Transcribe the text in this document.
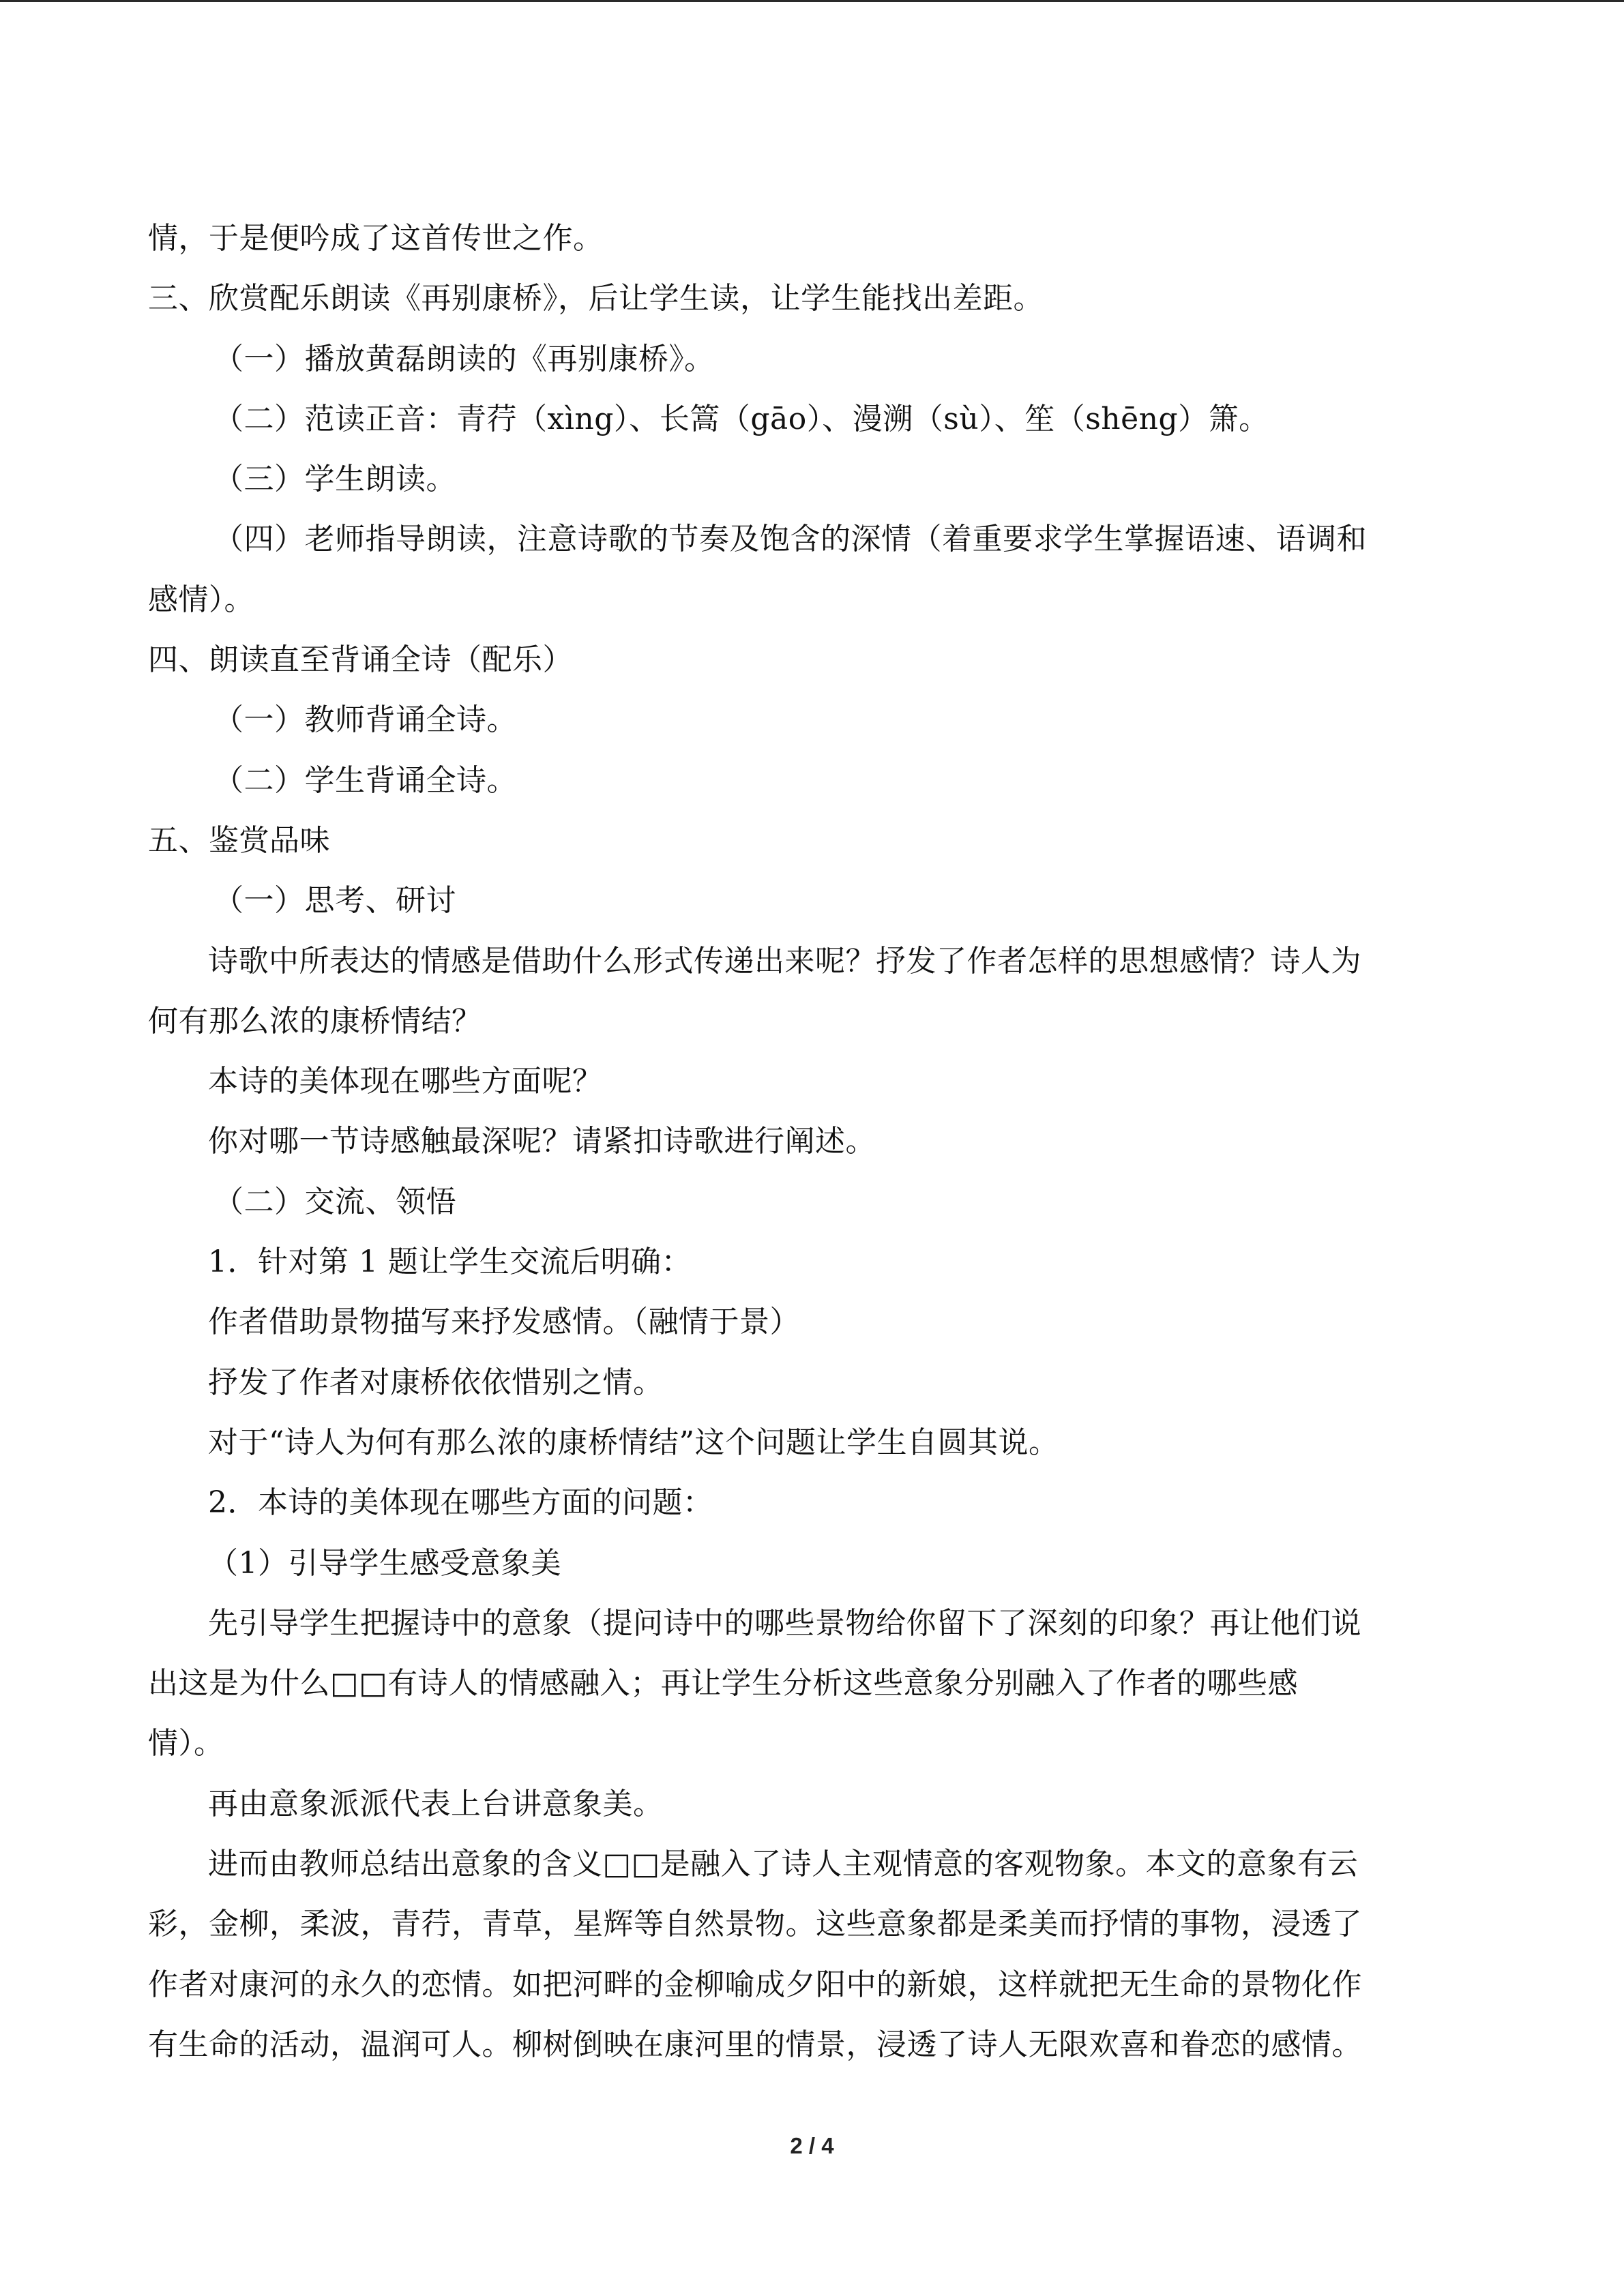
情，于是便吟成了这首传世之作。
三、欣赏配乐朗读《再别康桥》，后让学生读，让学生能找出差距。
（一）播放黄磊朗读的《再别康桥》。
（二）范读正音：青荇（xìng）、长篙（gāo）、漫溯（sù）、笙（shēng）箫。
（三）学生朗读。
（四）老师指导朗读，注意诗歌的节奏及饱含的深情（着重要求学生掌握语速、语调和
感情）。
四、朗读直至背诵全诗（配乐）
（一）教师背诵全诗。
（二）学生背诵全诗。
五、鉴赏品味
（一）思考、研讨
诗歌中所表达的情感是借助什么形式传递出来呢？抒发了作者怎样的思想感情？诗人为
何有那么浓的康桥情结？
本诗的美体现在哪些方面呢？
你对哪一节诗感触最深呢？请紧扣诗歌进行阐述。
（二）交流、领悟
1．针对第 1 题让学生交流后明确：
作者借助景物描写来抒发感情。（融情于景）
抒发了作者对康桥依依惜别之情。
对于“诗人为何有那么浓的康桥情结”这个问题让学生自圆其说。
2．本诗的美体现在哪些方面的问题：
（1）引导学生感受意象美
先引导学生把握诗中的意象（提问诗中的哪些景物给你留下了深刻的印象？再让他们说
出这是为什么□□有诗人的情感融入；再让学生分析这些意象分别融入了作者的哪些感
情）。
再由意象派派代表上台讲意象美。
进而由教师总结出意象的含义□□是融入了诗人主观情意的客观物象。本文的意象有云
彩，金柳，柔波，青荇，青草，星辉等自然景物。这些意象都是柔美而抒情的事物，浸透了
作者对康河的永久的恋情。如把河畔的金柳喻成夕阳中的新娘，这样就把无生命的景物化作
有生命的活动，温润可人。柳树倒映在康河里的情景，浸透了诗人无限欢喜和眷恋的感情。
2 / 4
